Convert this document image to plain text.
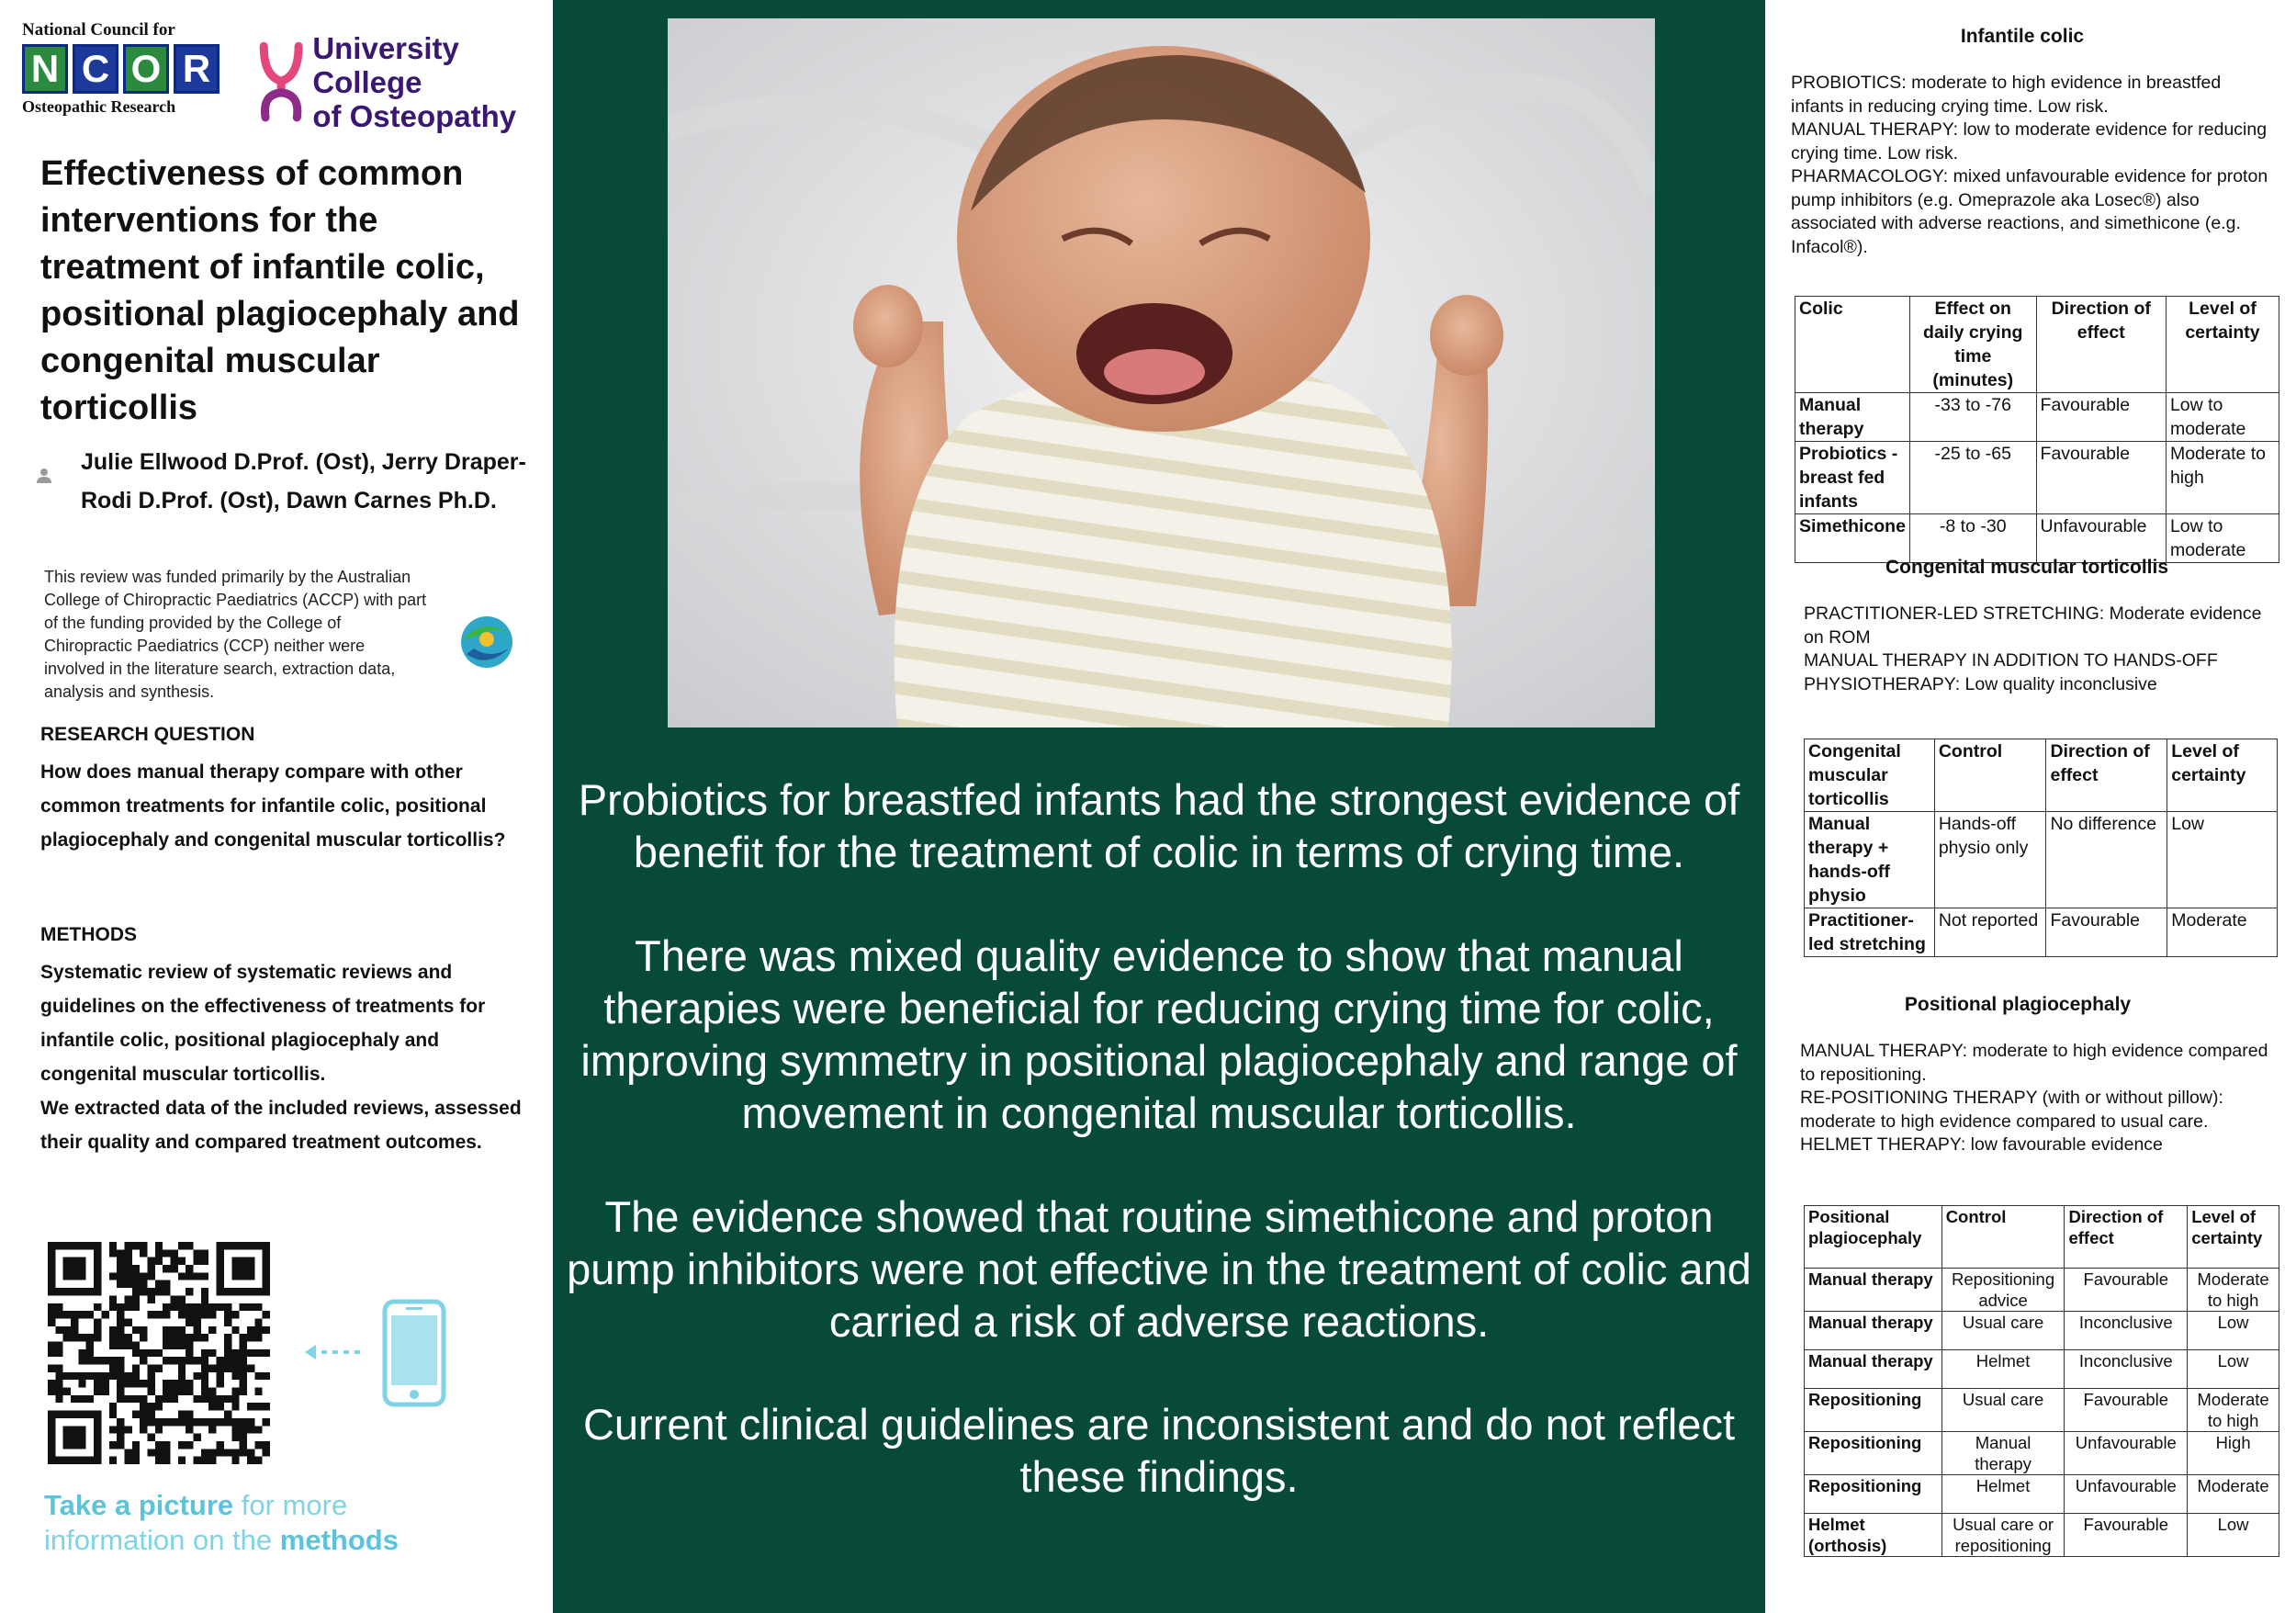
National Council for
N C O R
Osteopathic Research
University College
of Osteopathy
Effectiveness of common interventions for the treatment of infantile colic, positional plagiocephaly and congenital muscular torticollis
Julie Ellwood D.Prof. (Ost), Jerry Draper-Rodi D.Prof. (Ost), Dawn Carnes Ph.D.
This review was funded primarily by the Australian College of Chiropractic Paediatrics (ACCP) with part of the funding provided by the College of Chiropractic Paediatrics (CCP) neither were involved in the literature search, extraction data, analysis and synthesis.
RESEARCH QUESTION
How does manual therapy compare with other common treatments for infantile colic, positional plagiocephaly and congenital muscular torticollis?
METHODS
Systematic review of systematic reviews and guidelines on the effectiveness of treatments for infantile colic, positional plagiocephaly and congenital muscular torticollis.
We extracted data of the included reviews, assessed their quality and compared treatment outcomes.
Take a picture for more information on the methods
Probiotics for breastfed infants had the strongest evidence of benefit for the treatment of colic in terms of crying time.
There was mixed quality evidence to show that manual therapies were beneficial for reducing crying time for colic, improving symmetry in positional plagiocephaly and range of movement in congenital muscular torticollis.
The evidence showed that routine simethicone and proton pump inhibitors were not effective in the treatment of colic and carried a risk of adverse reactions.
Current clinical guidelines are inconsistent and do not reflect these findings.
Infantile colic
PROBIOTICS: moderate to high evidence in breastfed infants in reducing crying time. Low risk.
MANUAL THERAPY: low to moderate evidence for reducing crying time. Low risk.
PHARMACOLOGY: mixed unfavourable evidence for proton pump inhibitors (e.g. Omeprazole aka Losec®) also associated with adverse reactions, and simethicone (e.g. Infacol®).
Colic	Effect on daily crying time (minutes)	Direction of effect	Level of certainty
Manual therapy	-33 to -76	Favourable	Low to moderate
Probiotics - breast fed infants	-25 to -65	Favourable	Moderate to high
Simethicone	-8 to -30	Unfavourable	Low to moderate
Congenital muscular torticollis
PRACTITIONER-LED STRETCHING: Moderate evidence on ROM
MANUAL THERAPY IN ADDITION TO HANDS-OFF PHYSIOTHERAPY: Low quality inconclusive
Congenital muscular torticollis	Control	Direction of effect	Level of certainty
Manual therapy + hands-off physio	Hands-off physio only	No difference	Low
Practitioner-led stretching	Not reported	Favourable	Moderate
Positional plagiocephaly
MANUAL THERAPY: moderate to high evidence compared to repositioning.
RE-POSITIONING THERAPY (with or without pillow): moderate to high evidence compared to usual care.
HELMET THERAPY: low favourable evidence
Positional plagiocephaly	Control	Direction of effect	Level of certainty
Manual therapy	Repositioning advice	Favourable	Moderate to high
Manual therapy	Usual care	Inconclusive	Low
Manual therapy	Helmet	Inconclusive	Low
Repositioning	Usual care	Favourable	Moderate to high
Repositioning	Manual therapy	Unfavourable	High
Repositioning	Helmet	Unfavourable	Moderate
Helmet (orthosis)	Usual care or repositioning	Favourable	Low
